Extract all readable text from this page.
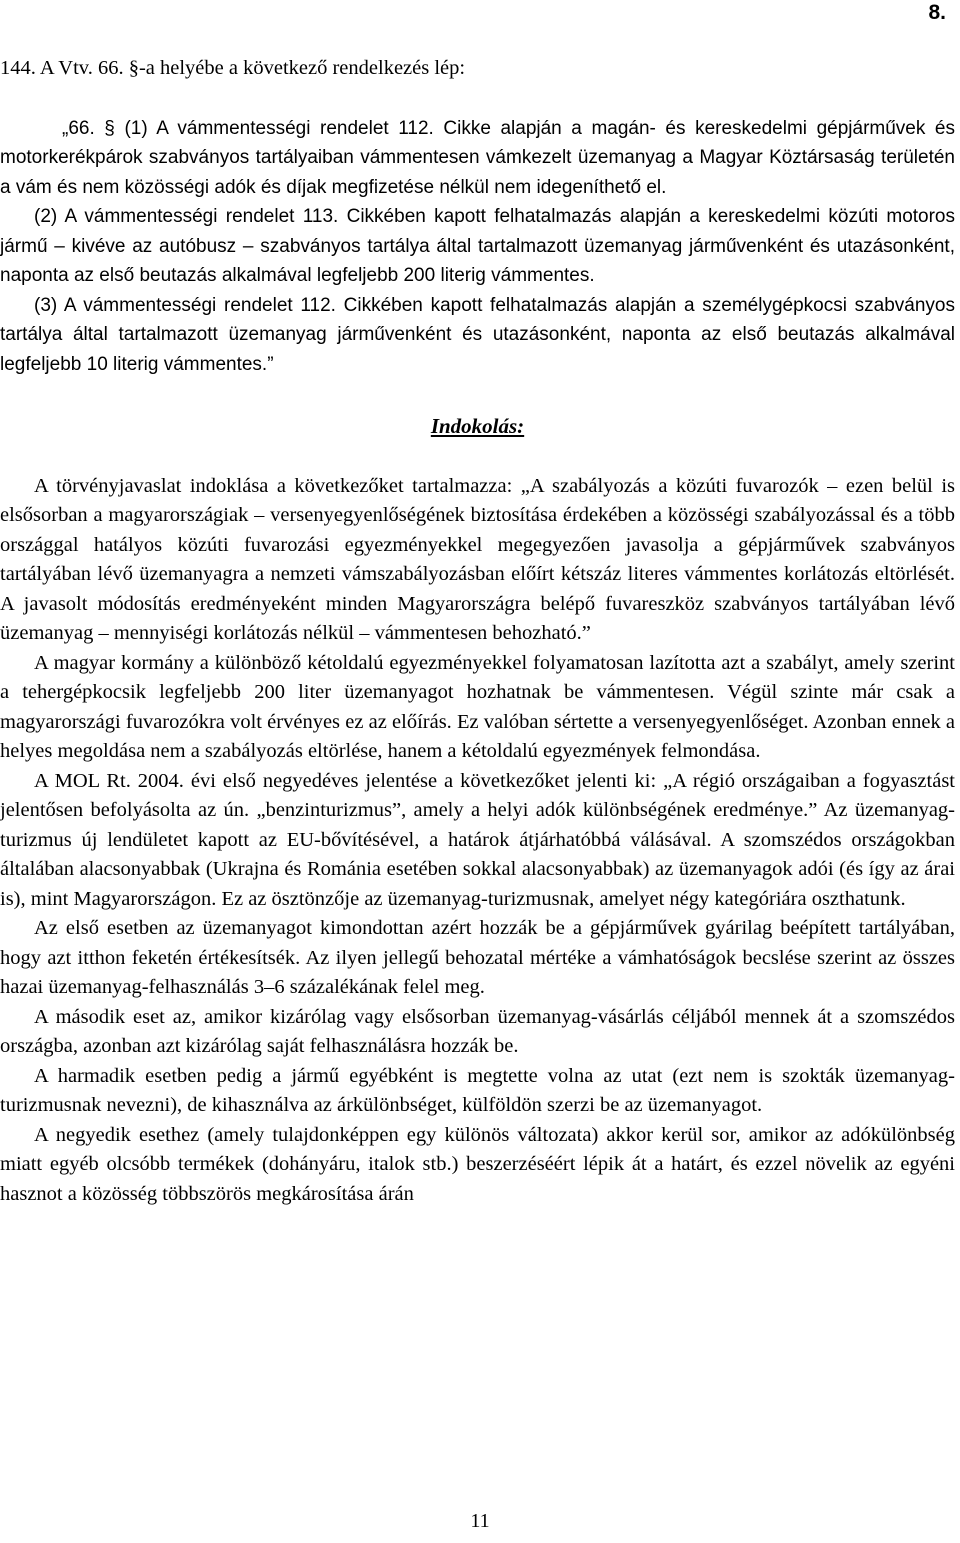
8.

144. A Vtv. 66. §-a helyébe a következő rendelkezés lép:

„66. § (1) A vámmentességi rendelet 112. Cikke alapján a magán- és kereskedelmi gépjárművek és motorkerékpárok szabványos tartályaiban vámmentesen vámkezelt üzemanyag a Magyar Köztársaság területén a vám és nem közösségi adók és díjak megfizetése nélkül nem idegeníthető el.

(2) A vámmentességi rendelet 113. Cikkében kapott felhatalmazás alapján a kereskedelmi közúti motoros jármű – kivéve az autóbusz – szabványos tartálya által tartalmazott üzemanyag járművenként és utazásonként, naponta az első beutazás alkalmával legfeljebb 200 literig vámmentes.

(3) A vámmentességi rendelet 112. Cikkében kapott felhatalmazás alapján a személygépkocsi szabványos tartálya által tartalmazott üzemanyag járművenként és utazásonként, naponta az első beutazás alkalmával legfeljebb 10 literig vámmentes.”

Indokolás:

A törvényjavaslat indoklása a következőket tartalmazza: „A szabályozás a közúti fuvarozók – ezen belül is elsősorban a magyarországiak – versenyegyenlőségének biztosítása érdekében a közösségi szabályozással és a több országgal hatályos közúti fuvarozási egyezményekkel megegyezően javasolja a gépjárművek szabványos tartályában lévő üzemanyagra a nemzeti vámszabályozásban előírt kétszáz literes vámmentes korlátozás eltörlését. A javasolt módosítás eredményeként minden Magyarországra belépő fuvareszköz szabványos tartályában lévő üzemanyag – mennyiségi korlátozás nélkül – vámmentesen behozható.”

A magyar kormány a különböző kétoldalú egyezményekkel folyamatosan lazította azt a szabályt, amely szerint a tehergépkocsik legfeljebb 200 liter üzemanyagot hozhatnak be vámmentesen. Végül szinte már csak a magyarországi fuvarozókra volt érvényes ez az előírás. Ez valóban sértette a versenyegyenlőséget. Azonban ennek a helyes megoldása nem a szabályozás eltörlése, hanem a kétoldalú egyezmények felmondása.

A MOL Rt. 2004. évi első negyedéves jelentése a következőket jelenti ki: „A régió országaiban a fogyasztást jelentősen befolyásolta az ún. „benzinturizmus”, amely a helyi adók különbségének eredménye.” Az üzemanyag-turizmus új lendületet kapott az EU-bővítésével, a határok átjárhatóbbá válásával. A szomszédos országokban általában alacsonyabbak (Ukrajna és Románia esetében sokkal alacsonyabbak) az üzemanyagok adói (és így az árai is), mint Magyarországon. Ez az ösztönzője az üzemanyag-turizmusnak, amelyet négy kategóriára oszthatunk.

Az első esetben az üzemanyagot kimondottan azért hozzák be a gépjárművek gyárilag beépített tartályában, hogy azt itthon feketén értékesítsék. Az ilyen jellegű behozatal mértéke a vámhatóságok becslése szerint az összes hazai üzemanyag-felhasználás 3–6 százalékának felel meg.

A második eset az, amikor kizárólag vagy elsősorban üzemanyag-vásárlás céljából mennek át a szomszédos országba, azonban azt kizárólag saját felhasználásra hozzák be.

A harmadik esetben pedig a jármű egyébként is megtette volna az utat (ezt nem is szokták üzemanyag-turizmusnak nevezni), de kihasználva az árkülönbséget, külföldön szerzi be az üzemanyagot.

A negyedik esethez (amely tulajdonképpen egy különös változata) akkor kerül sor, amikor az adókülönbség miatt egyéb olcsóbb termékek (dohányáru, italok stb.) beszerzéséért lépik át a határt, és ezzel növelik az egyéni hasznot a közösség többszörös megkárosítása árán

11
